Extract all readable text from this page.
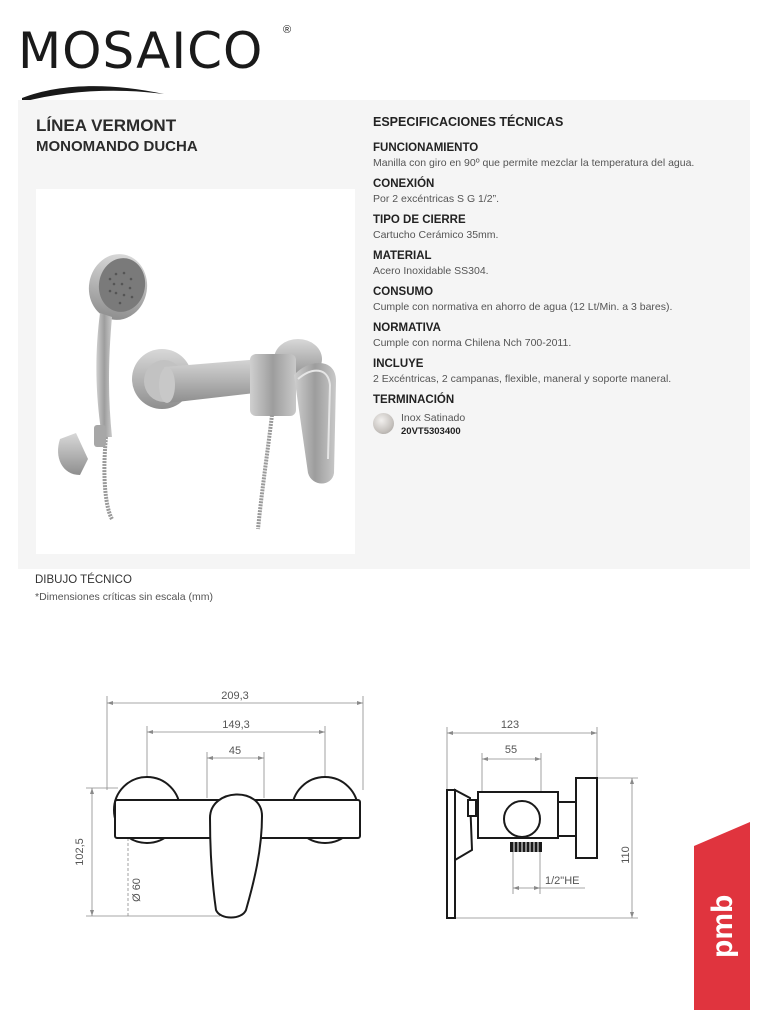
MOSAICO ®
LÍNEA VERMONT
MONOMANDO DUCHA
ESPECIFICACIONES TÉCNICAS
FUNCIONAMIENTO
Manilla con giro en 90º que permite mezclar la temperatura del agua.
CONEXIÓN
Por 2 excéntricas S G 1/2”.
TIPO DE CIERRE
Cartucho Cerámico 35mm.
MATERIAL
Acero Inoxidable SS304.
CONSUMO
Cumple con normativa en ahorro de agua (12 Lt/Min. a 3 bares).
NORMATIVA
Cumple con norma Chilena Nch 700-2011.
INCLUYE
2 Excéntricas, 2 campanas, flexible, maneral y soporte maneral.
TERMINACIÓN
Inox Satinado
20VT5303400
DIBUJO TÉCNICO
*Dimensiones críticas sin escala (mm)
209,3
149,3
45
102,5
Ø 60
123
55
110
1/2"HE
pmb
